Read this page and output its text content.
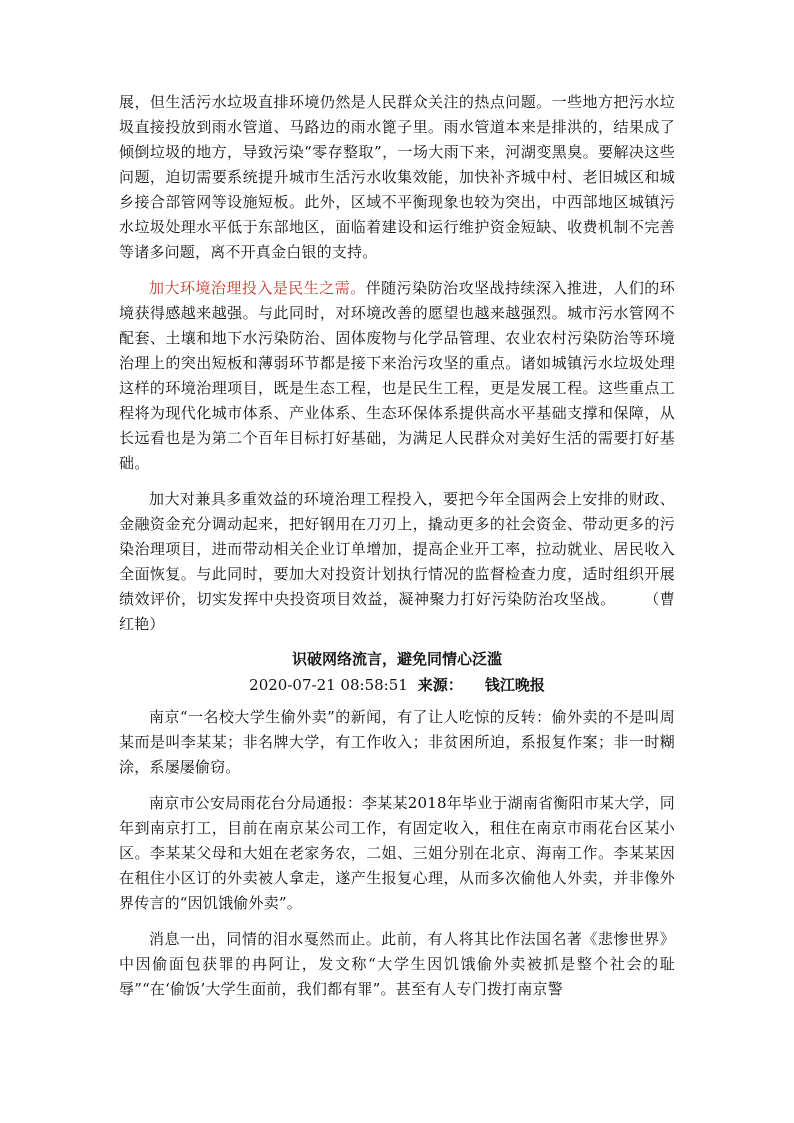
展，但生活污水垃圾直排环境仍然是人民群众关注的热点问题。一些地方把污水垃圾直接投放到雨水管道、马路边的雨水篦子里。雨水管道本来是排洪的，结果成了倾倒垃圾的地方，导致污染“零存整取”，一场大雨下来，河湖变黑臭。要解决这些问题，迫切需要系统提升城市生活污水收集效能，加快补齐城中村、老旧城区和城乡接合部管网等设施短板。此外，区域不平衡现象也较为突出，中西部地区城镇污水垃圾处理水平低于东部地区，面临着建设和运行维护资金短缺、收费机制不完善等诸多问题，离不开真金白银的支持。

加大环境治理投入是民生之需。伴随污染防治攻坚战持续深入推进，人们的环境获得感越来越强。与此同时，对环境改善的愿望也越来越强烈。城市污水管网不配套、土壤和地下水污染防治、固体废物与化学品管理、农业农村污染防治等环境治理上的突出短板和薄弱环节都是接下来治污攻坚的重点。诸如城镇污水垃圾处理这样的环境治理项目，既是生态工程，也是民生工程，更是发展工程。这些重点工程将为现代化城市体系、产业体系、生态环保体系提供高水平基础支撑和保障，从长远看也是为第二个百年目标打好基础，为满足人民群众对美好生活的需要打好基础。

加大对兼具多重效益的环境治理工程投入，要把今年全国两会上安排的财政、金融资金充分调动起来，把好钢用在刀刃上，撬动更多的社会资金、带动更多的污染治理项目，进而带动相关企业订单增加，提高企业开工率，拉动就业、居民收入全面恢复。与此同时，要加大对投资计划执行情况的监督检查力度，适时组织开展绩效评价，切实发挥中央投资项目效益，凝神聚力打好污染防治攻坚战。 （曹红艳）

识破网络流言，避免同情心泛滥
2020-07-21 08:58:51 来源： 钱江晚报

南京“一名校大学生偷外卖”的新闻，有了让人吃惊的反转：偷外卖的不是叫周某而是叫李某某；非名牌大学，有工作收入；非贫困所迫，系报复作案；非一时糊涂，系屡屡偷窃。

南京市公安局雨花台分局通报：李某某2018年毕业于湖南省衡阳市某大学，同年到南京打工，目前在南京某公司工作，有固定收入，租住在南京市雨花台区某小区。李某某父母和大姐在老家务农，二姐、三姐分别在北京、海南工作。李某某因在租住小区订的外卖被人拿走，遂产生报复心理，从而多次偷他人外卖，并非像外界传言的“因饥饿偷外卖”。

消息一出，同情的泪水戛然而止。此前，有人将其比作法国名著《悲惨世界》中因偷面包获罪的冉阿让，发文称“大学生因饥饿偷外卖被抓是整个社会的耻辱”“在‘偷饭’大学生面前，我们都有罪”。甚至有人专门拨打南京警
